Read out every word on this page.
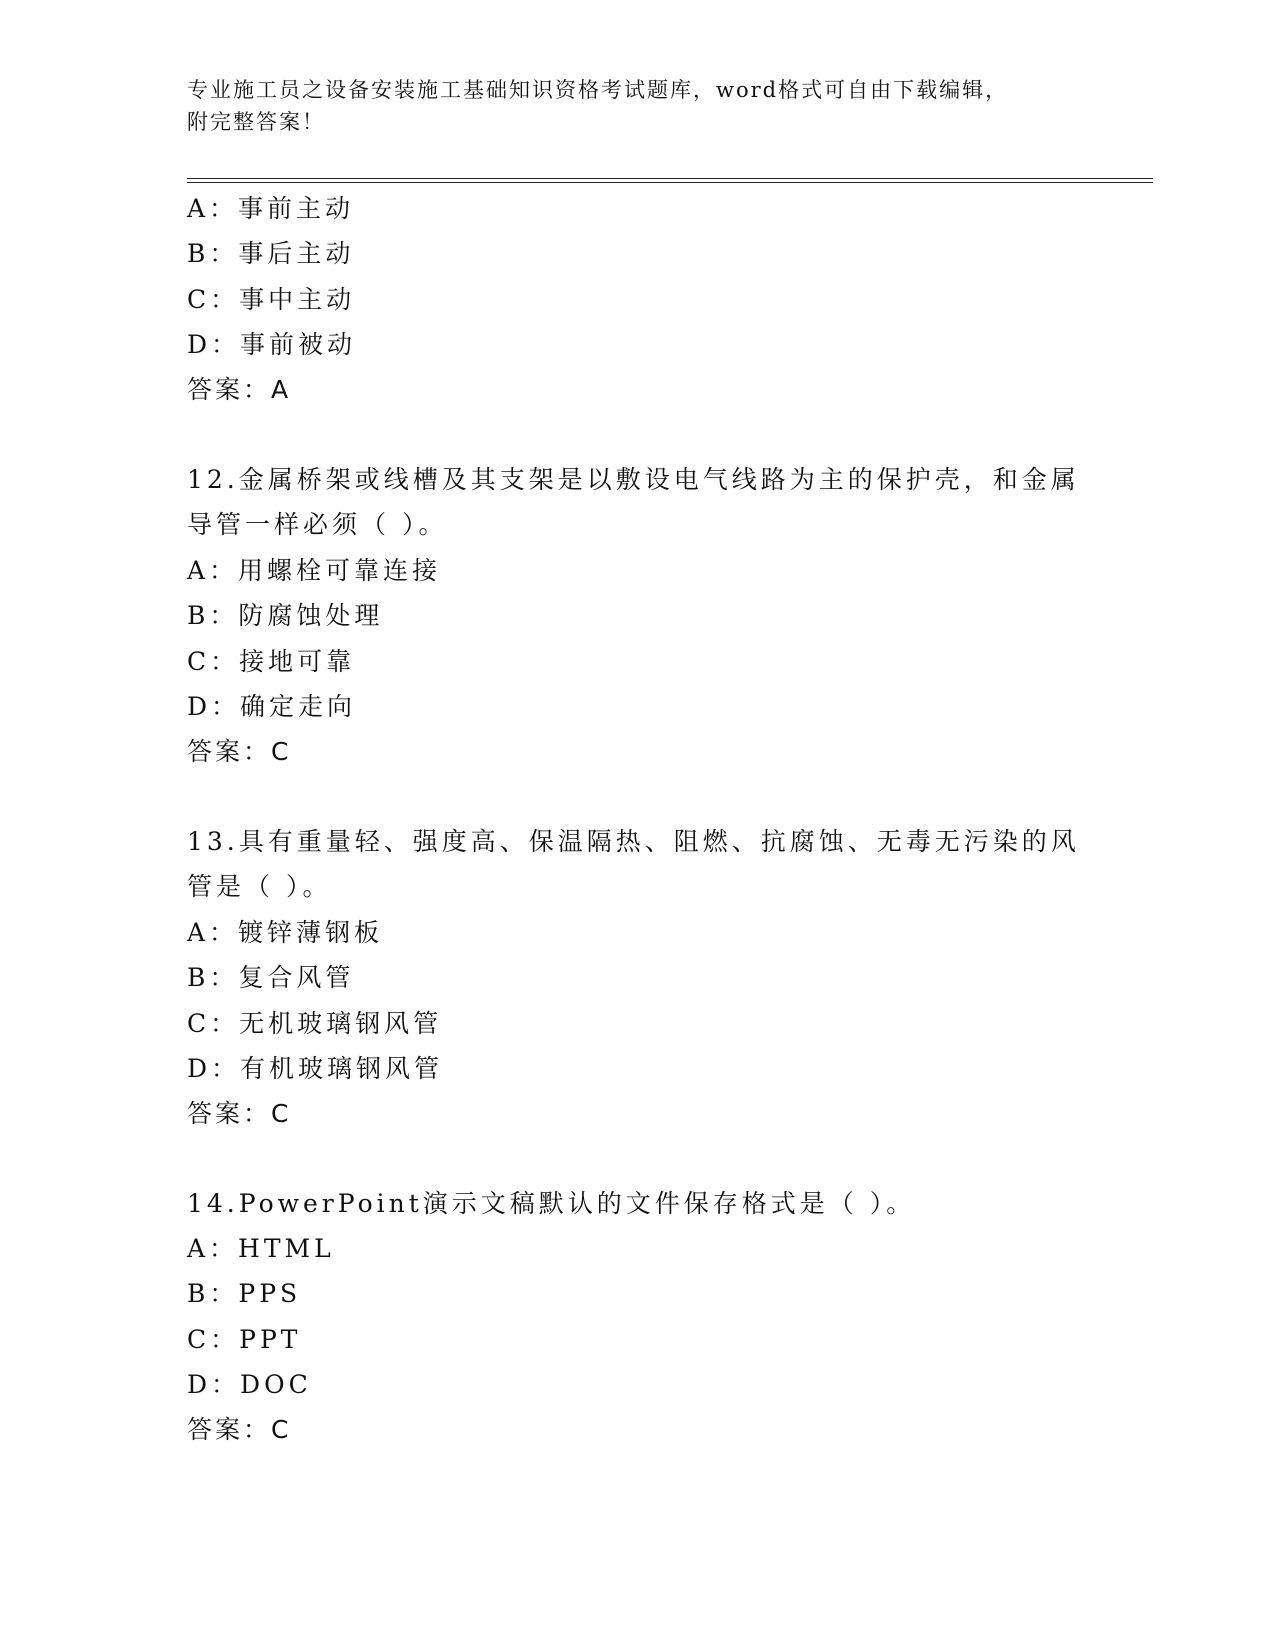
专业施工员之设备安装施工基础知识资格考试题库，word格式可自由下载编辑，
附完整答案！
A：事前主动
B：事后主动
C：事中主动
D：事前被动
答案：A
12.金属桥架或线槽及其支架是以敷设电气线路为主的保护壳，和金属
导管一样必须（ ）。
A：用螺栓可靠连接
B：防腐蚀处理
C：接地可靠
D：确定走向
答案：C
13.具有重量轻、强度高、保温隔热、阻燃、抗腐蚀、无毒无污染的风
管是（ ）。
A：镀锌薄钢板
B：复合风管
C：无机玻璃钢风管
D：有机玻璃钢风管
答案：C
14.PowerPoint演示文稿默认的文件保存格式是（ ）。
A：HTML
B：PPS
C：PPT
D：DOC
答案：C
